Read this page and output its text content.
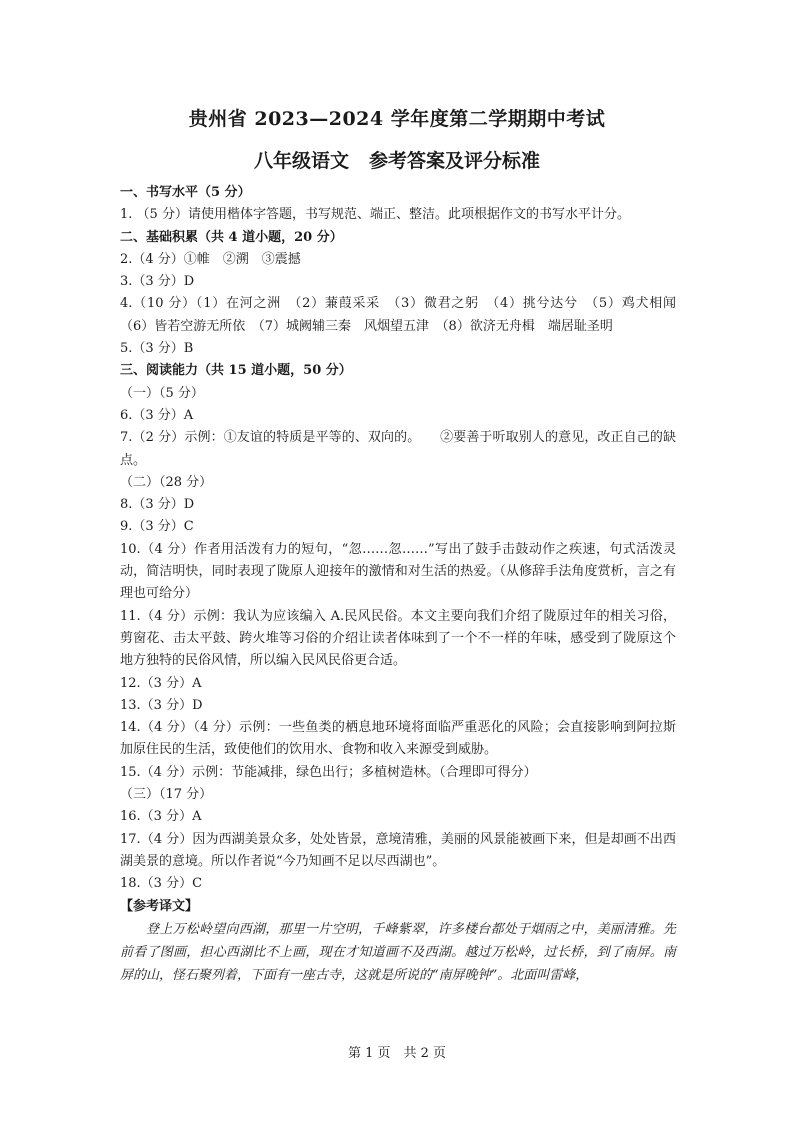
贵州省 2023—2024 学年度第二学期期中考试
八年级语文 参考答案及评分标准

一、书写水平（5 分）

1. （5 分）请使用楷体字答题，书写规范、端正、整洁。此项根据作文的书写水平计分。

二、基础积累（共 4 道小题，20 分）

2.（4 分）①帷　②溯　③震撼

3.（3 分）D

4.（10 分）（1）在河之洲　（2）蒹葭采采　（3）微君之躬　（4）挑兮达兮　（5）鸡犬相闻　（6）皆若空游无所依　（7）城阙辅三秦　风烟望五津　（8）欲济无舟楫　端居耻圣明

5.（3 分）B

三、阅读能力（共 15 道小题，50 分）

（一）（5 分）

6.（3 分）A

7.（2 分）示例：①友谊的特质是平等的、双向的。　　②要善于听取别人的意见，改正自己的缺点。

（二）（28 分）

8.（3 分）D

9.（3 分）C

10.（4 分）作者用活泼有力的短句，“忽……忽……”写出了鼓手击鼓动作之疾速，句式活泼灵动，简洁明快，同时表现了陇原人迎接年的激情和对生活的热爱。（从修辞手法角度赏析，言之有理也可给分）

11.（4 分）示例：我认为应该编入 A.民风民俗。本文主要向我们介绍了陇原过年的相关习俗，剪窗花、击太平鼓、跨火堆等习俗的介绍让读者体味到了一个不一样的年味，感受到了陇原这个地方独特的民俗风情，所以编入民风民俗更合适。

12.（3 分）A

13.（3 分）D

14.（4 分）（4 分）示例：一些鱼类的栖息地环境将面临严重恶化的风险；会直接影响到阿拉斯加原住民的生活，致使他们的饮用水、食物和收入来源受到威胁。

15.（4 分）示例：节能减排，绿色出行；多植树造林。（合理即可得分）

（三）（17 分）

16.（3 分）A

17.（4 分）因为西湖美景众多，处处皆景，意境清雅，美丽的风景能被画下来，但是却画不出西湖美景的意境。所以作者说“今乃知画不足以尽西湖也”。

18.（3 分）C

【参考译文】

登上万松岭望向西湖，那里一片空明，千峰紫翠，许多楼台都处于烟雨之中，美丽清雅。先前看了图画，担心西湖比不上画，现在才知道画不及西湖。越过万松岭，过长桥，到了南屏。南屏的山，怪石聚列着，下面有一座古寺，这就是所说的“南屏晚钟”。北面叫雷峰，

第 1 页　共 2 页
